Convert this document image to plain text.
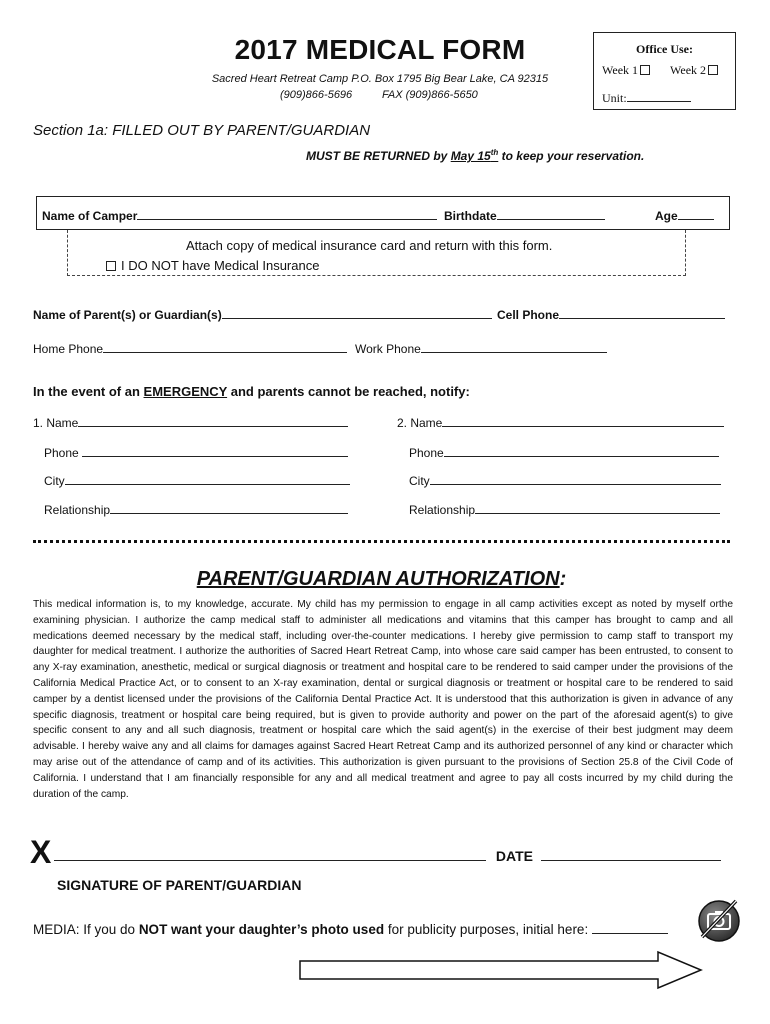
2017 MEDICAL FORM
Sacred Heart Retreat Camp P.O. Box 1795 Big Bear Lake, CA 92315
(909)866-5696	FAX (909)866-5650
Office Use:
Week 1	Week 2
Unit:
Section 1a: FILLED OUT BY PARENT/GUARDIAN
MUST BE RETURNED by May 15th to keep your reservation.
Name of Camper	Birthdate	Age
Attach copy of medical insurance card and return with this form.
I DO NOT have Medical Insurance
Name of Parent(s) or Guardian(s)	Cell Phone
Home Phone	Work Phone
In the event of an EMERGENCY and parents cannot be reached, notify:
1. Name
Phone
City
Relationship
2. Name
Phone
City
Relationship
PARENT/GUARDIAN AUTHORIZATION:
This medical information is, to my knowledge, accurate. My child has my permission to engage in all camp activities except as noted by myself orthe examining physician. I authorize the camp medical staff to administer all medications and vitamins that this camper has brought to camp and all medications deemed necessary by the medical staff, including over-the-counter medications. I hereby give permission to camp staff to transport my daughter for medical treatment. I authorize the authorities of Sacred Heart Retreat Camp, into whose care said camper has been entrusted, to consent to any X-ray examination, anesthetic, medical or surgical diagnosis or treatment and hospital care to be rendered to said camper under the provisions of the California Medical Practice Act, or to consent to an X-ray examination, dental or surgical diagnosis or treatment or hospital care to be rendered to said camper by a dentist licensed under the provisions of the California Dental Practice Act. It is understood that this authorization is given in advance of any specific diagnosis, treatment or hospital care being required, but is given to provide authority and power on the part of the aforesaid agent(s) to give specific consent to any and all such diagnosis, treatment or hospital care which the said agent(s) in the exercise of their best judgment may deem advisable. I hereby waive any and all claims for damages against Sacred Heart Retreat Camp and its authorized personnel of any kind or character which may arise out of the attendance of camp and of its activities. This authorization is given pursuant to the provisions of Section 25.8 of the Civil Code of California. I understand that I am financially responsible for any and all medical treatment and agree to pay all costs incurred by my child during the duration of the camp.
X	DATE
SIGNATURE OF PARENT/GUARDIAN
MEDIA: If you do NOT want your daughter’s photo used for publicity purposes, initial here:
